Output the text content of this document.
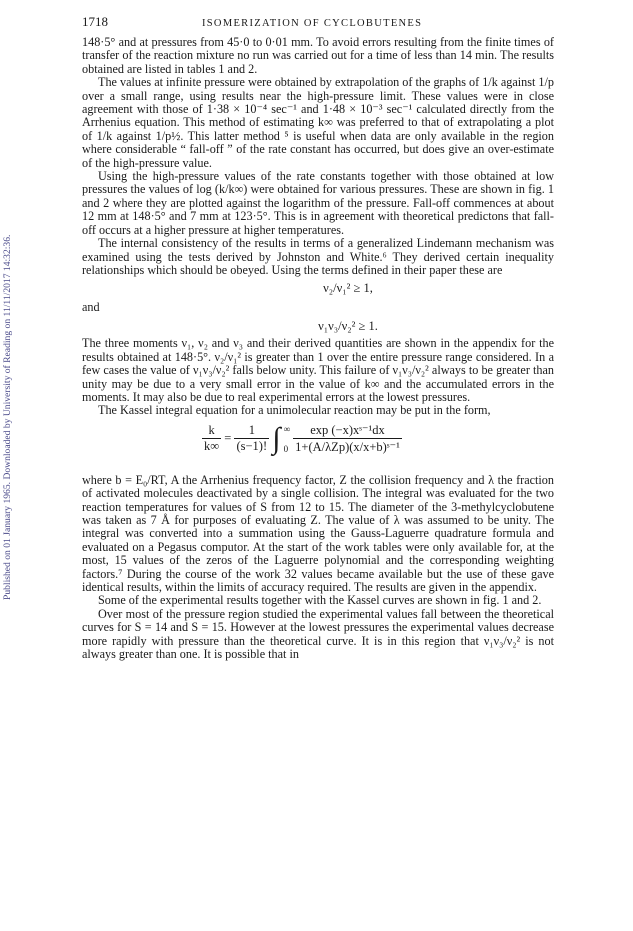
Published on 01 January 1965. Downloaded by University of Reading on 11/11/2017 14:32:36.
1718	ISOMERIZATION OF CYCLOBUTENES

148·5° and at pressures from 45·0 to 0·01 mm. To avoid errors resulting from the finite times of transfer of the reaction mixture no run was carried out for a time of less than 14 min. The results obtained are listed in tables 1 and 2.

The values at infinite pressure were obtained by extrapolation of the graphs of 1/k against 1/p over a small range, using results near the high-pressure limit. These values were in close agreement with those of 1·38 × 10⁻⁴ sec⁻¹ and 1·48 × 10⁻³ sec⁻¹ calculated directly from the Arrhenius equation. This method of estimating k∞ was preferred to that of extrapolating a plot of 1/k against 1/p½. This latter method ⁵ is useful when data are only available in the region where considerable “ fall-off ” of the rate constant has occurred, but does give an over-estimate of the high-pressure value.

Using the high-pressure values of the rate constants together with those obtained at low pressures the values of log (k/k∞) were obtained for various pressures. These are shown in fig. 1 and 2 where they are plotted against the logarithm of the pressure. Fall-off commences at about 12 mm at 148·5° and 7 mm at 123·5°. This is in agreement with theoretical predictons that fall-off occurs at a higher pressure at higher temperatures.

The internal consistency of the results in terms of a generalized Lindemann mechanism was examined using the tests derived by Johnston and White.⁶ They derived certain inequality relationships which should be obeyed. Using the terms defined in their paper these are

ν₂/ν₁² ≥ 1,
and
ν₁ν₃/ν₂² ≥ 1.

The three moments ν₁, ν₂ and ν₃ and their derived quantities are shown in the appendix for the results obtained at 148·5°. ν₂/ν₁² is greater than 1 over the entire pressure range considered. In a few cases the value of ν₁ν₃/ν₂² falls below unity. This failure of ν₁ν₃/ν₂² always to be greater than unity may be due to a very small error in the value of k∞ and the accumulated errors in the moments. It may also be due to real experimental errors at the lowest pressures.

The Kassel integral equation for a unimolecular reaction may be put in the form,

$\frac{k}{k\infty} = \frac{1}{(s-1)!}$ ∫ ∞
0
$\frac{\text{exp (−x)xˢ⁻¹dx}}{\text{1+(A/λZp)(x/x+b)ˢ⁻¹}}$

where b = E₀/RT, A the Arrhenius frequency factor, Z the collision frequency and λ the fraction of activated molecules deactivated by a single collision. The integral was evaluated for the two reaction temperatures for values of S from 12 to 15. The diameter of the 3-methylcyclobutene was taken as 7 Å for purposes of evaluating Z. The value of λ was assumed to be unity. The integral was converted into a summation using the Gauss-Laguerre quadrature formula and evaluated on a Pegasus computor. At the start of the work tables were only available for, at the most, 15 values of the zeros of the Laguerre polynomial and the corresponding weighting factors.⁷ During the course of the work 32 values became available but the use of these gave identical results, within the limits of accuracy required. The results are given in the appendix.

Some of the experimental results together with the Kassel curves are shown in fig. 1 and 2.

Over most of the pressure region studied the experimental values fall between the theoretical curves for S = 14 and S = 15. However at the lowest pressures the experimental values decrease more rapidly with pressure than the theoretical curve. It is in this region that ν₁ν₃/ν₂² is not always greater than one. It is possible that in
